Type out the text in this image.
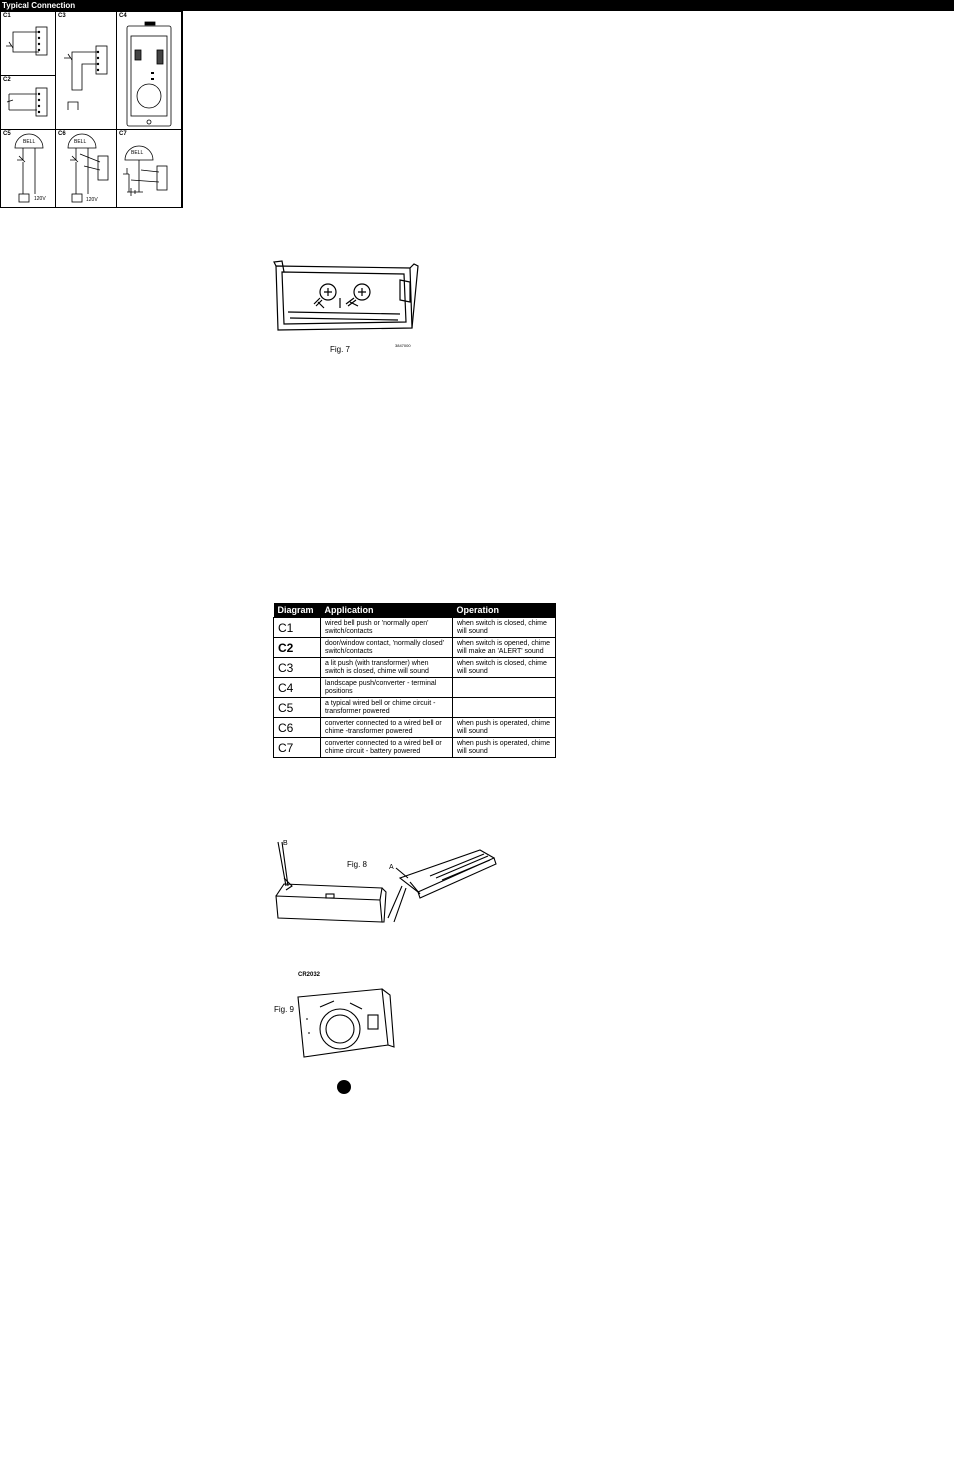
Fig. 7	3847000
Typical Connection
C1
C2
C3	C4
C5
BELL
120V
C6
BELL
120V
C7
BELL
Diagram	Application	Operation
C1	wired bell push or 'normally open' switch/contacts	when switch is closed, chime will sound
C2	door/window contact, 'normally closed' switch/contacts	when switch is opened, chime will make an 'ALERT' sound
C3	a lit push (with transformer) when switch is closed, chime will sound	when switch is closed, chime will sound
C4	landscape push/converter - terminal positions	
C5	a typical wired bell or chime circuit - transformer powered	
C6	converter connected to a wired bell or chime -transformer powered	when push is operated, chime will sound
C7	converter connected to a wired bell or chime circuit - battery powered	when push is operated, chime will sound
B
Fig. 8	A
CR2032
Fig. 9
